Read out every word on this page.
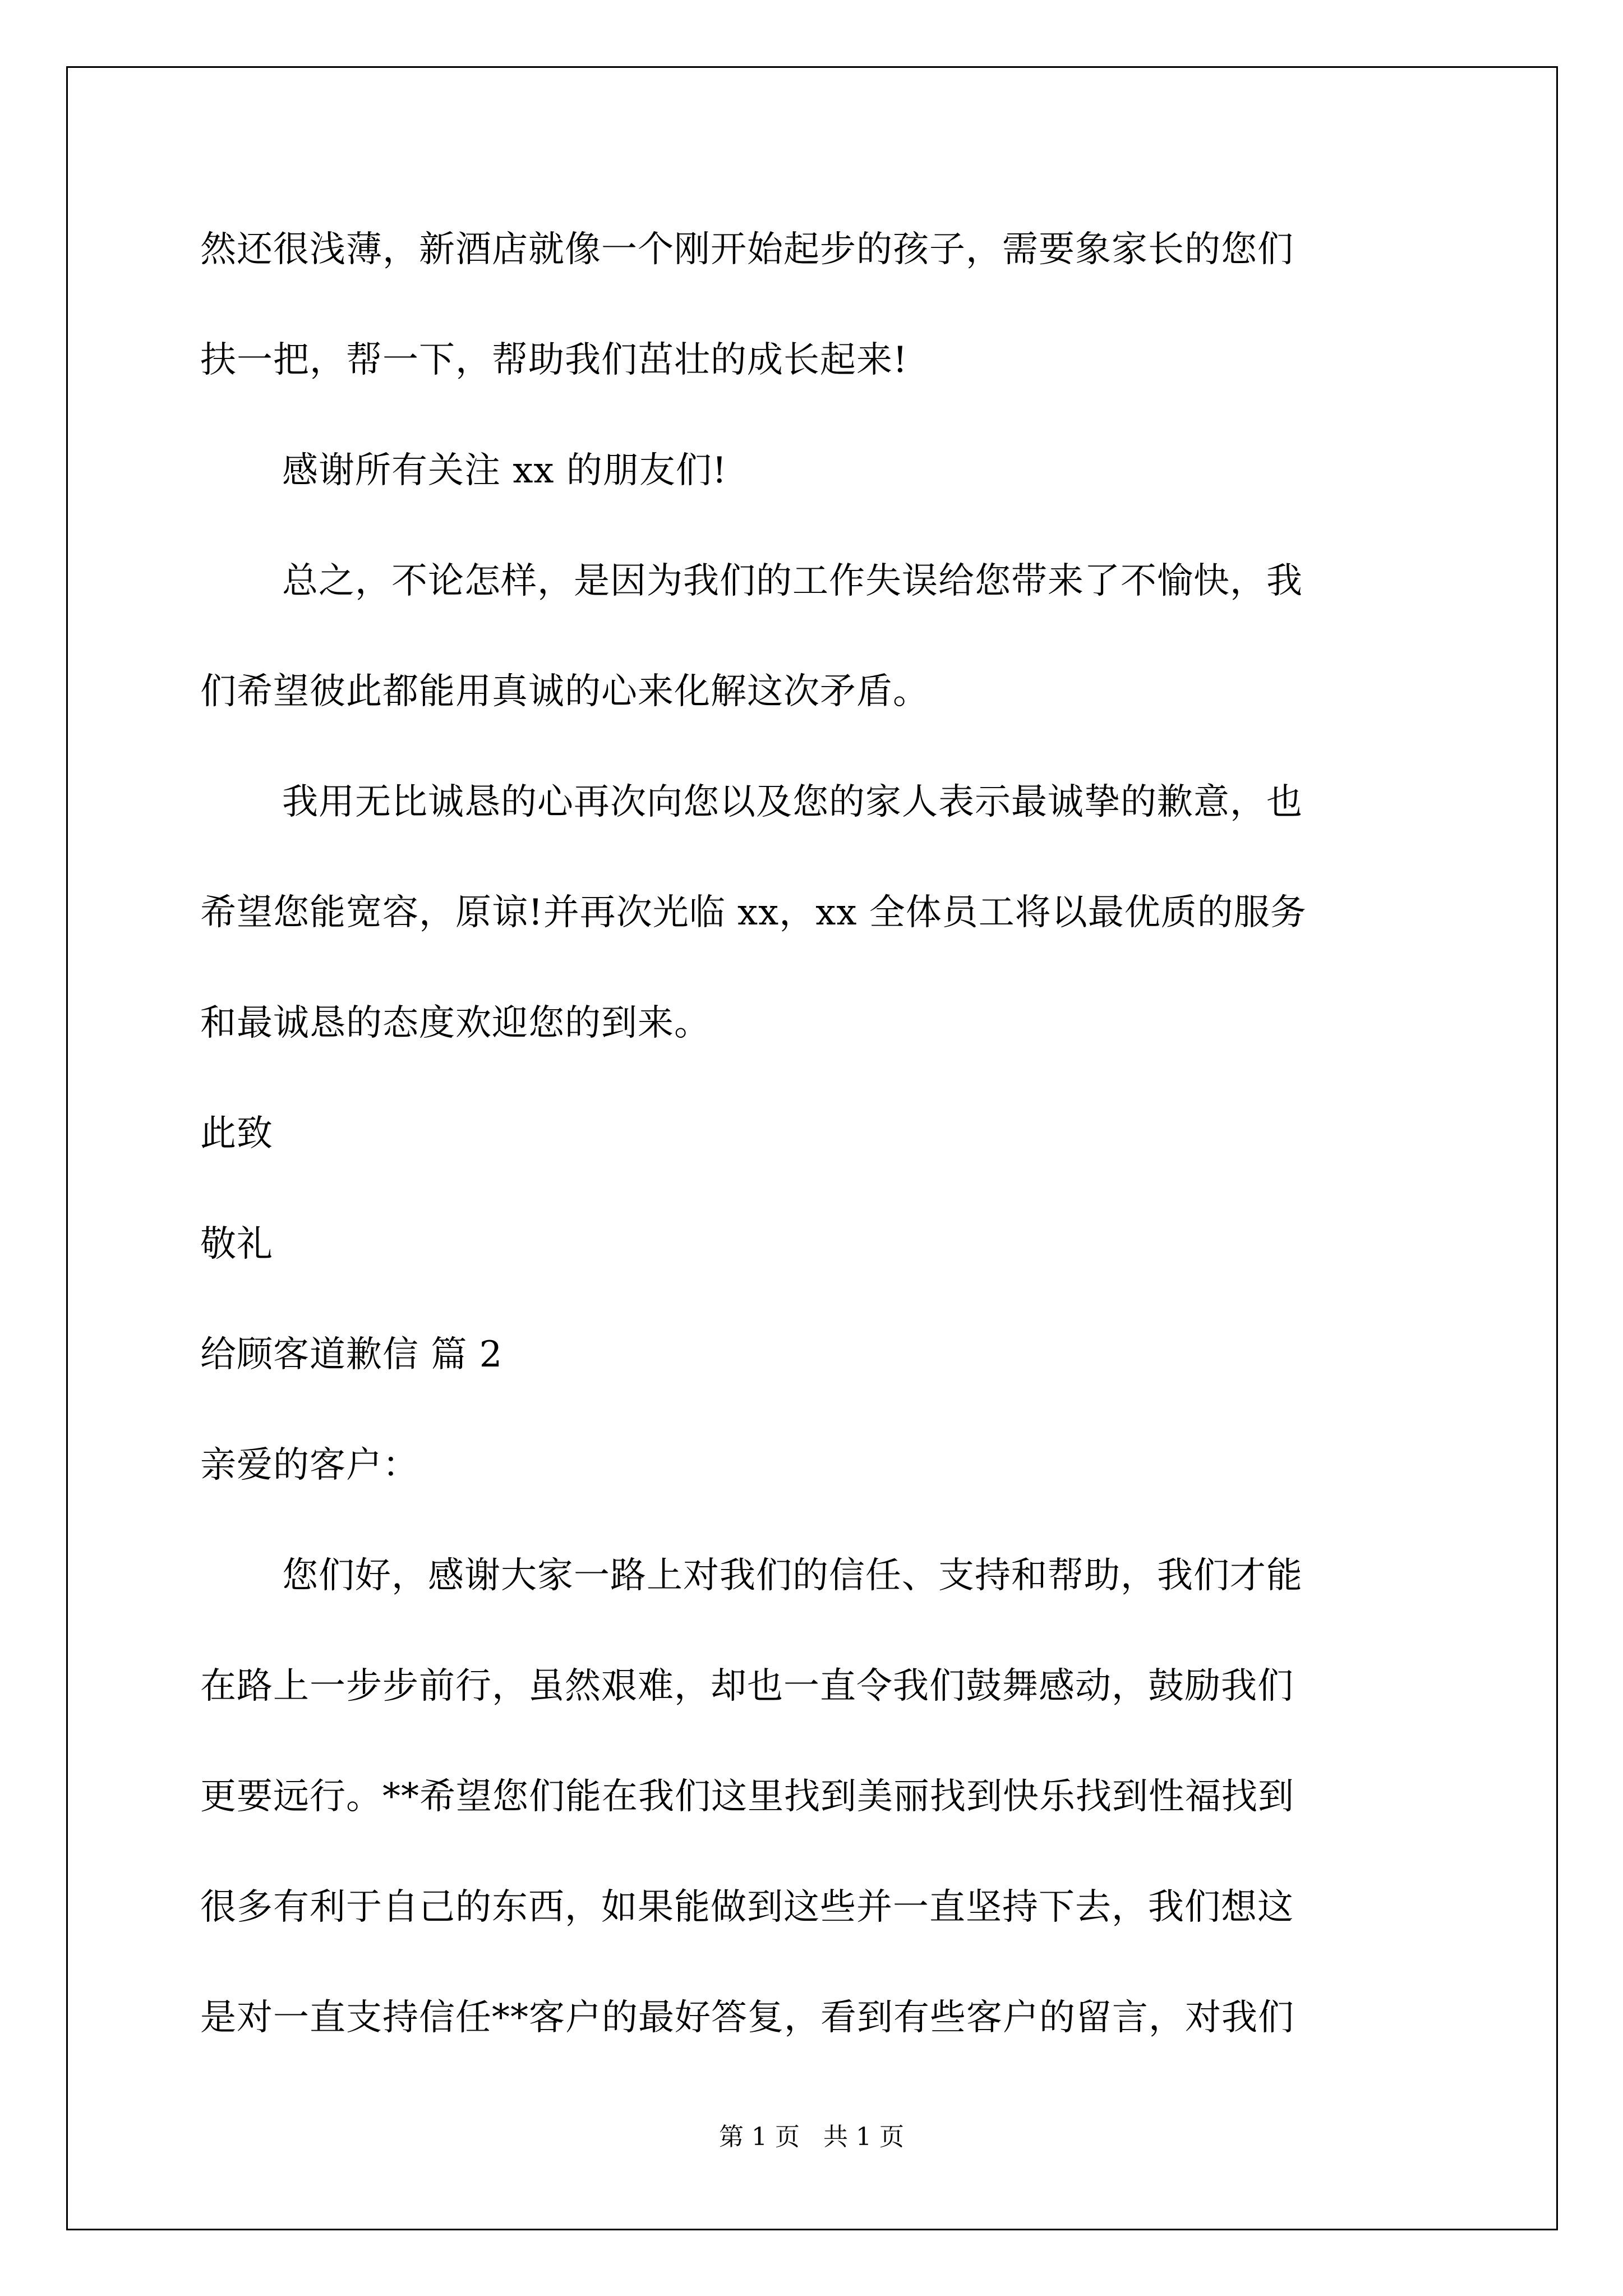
然还很浅薄，新酒店就像一个刚开始起步的孩子，需要象家长的您们
扶一把，帮一下，帮助我们茁壮的成长起来!
感谢所有关注 xx 的朋友们!
总之，不论怎样，是因为我们的工作失误给您带来了不愉快，我
们希望彼此都能用真诚的心来化解这次矛盾。
我用无比诚恳的心再次向您以及您的家人表示最诚挚的歉意，也
希望您能宽容，原谅!并再次光临 xx，xx 全体员工将以最优质的服务
和最诚恳的态度欢迎您的到来。
此致
敬礼
给顾客道歉信 篇 2
亲爱的客户：
您们好，感谢大家一路上对我们的信任、支持和帮助，我们才能
在路上一步步前行，虽然艰难，却也一直令我们鼓舞感动，鼓励我们
更要远行。**希望您们能在我们这里找到美丽找到快乐找到性福找到
很多有利于自己的东西，如果能做到这些并一直坚持下去，我们想这
是对一直支持信任**客户的最好答复，看到有些客户的留言，对我们
第 1 页   共 1 页
